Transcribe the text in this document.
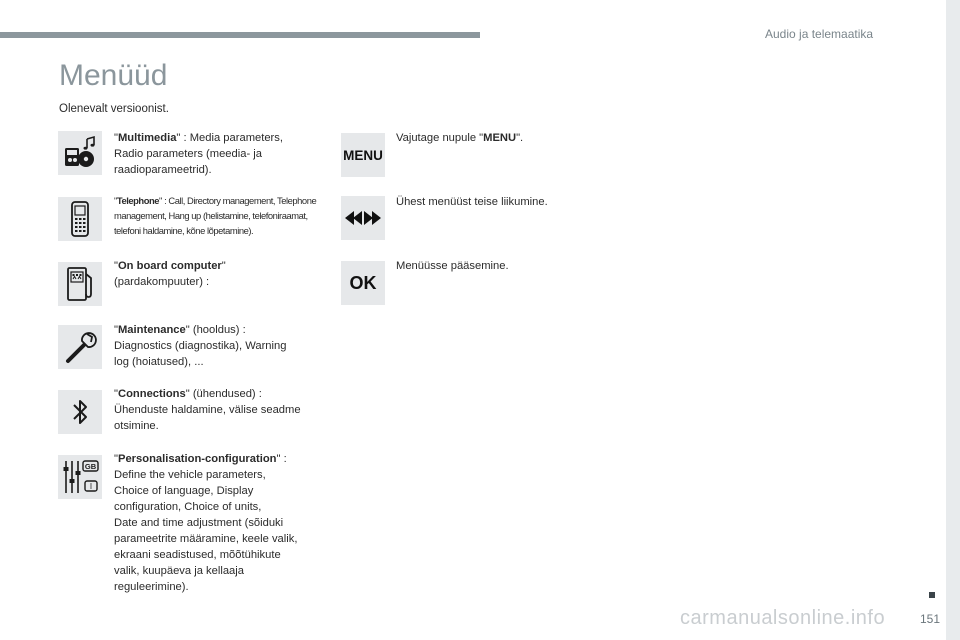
Audio ja telemaatika
Menüüd
Olenevalt versioonist.
"Multimedia" : Media parameters,
Radio parameters (meedia- ja
raadioparameetrid).
"Telephone" : Call, Directory management, Telephone
management, Hang up (helistamine, telefoniraamat,
telefoni haldamine, kõne lõpetamine).
"On board computer"
(pardakompuuter) :
"Maintenance" (hooldus) :
Diagnostics (diagnostika), Warning
log (hoiatused), ...
"Connections" (ühendused) :
Ühenduste haldamine, välise seadme
otsimine.
GB
I
"Personalisation-configuration" :
Define the vehicle parameters,
Choice of language, Display
configuration, Choice of units,
Date and time adjustment (sõiduki
parameetrite määramine, keele valik,
ekraani seadistused, mõõtühikute
valik, kuupäeva ja kellaaja
reguleerimine).
MENU
Vajutage nupule "MENU".
Ühest menüüst teise liikumine.
OK
Menüüsse pääsemine.
carmanualsonline.info	151
